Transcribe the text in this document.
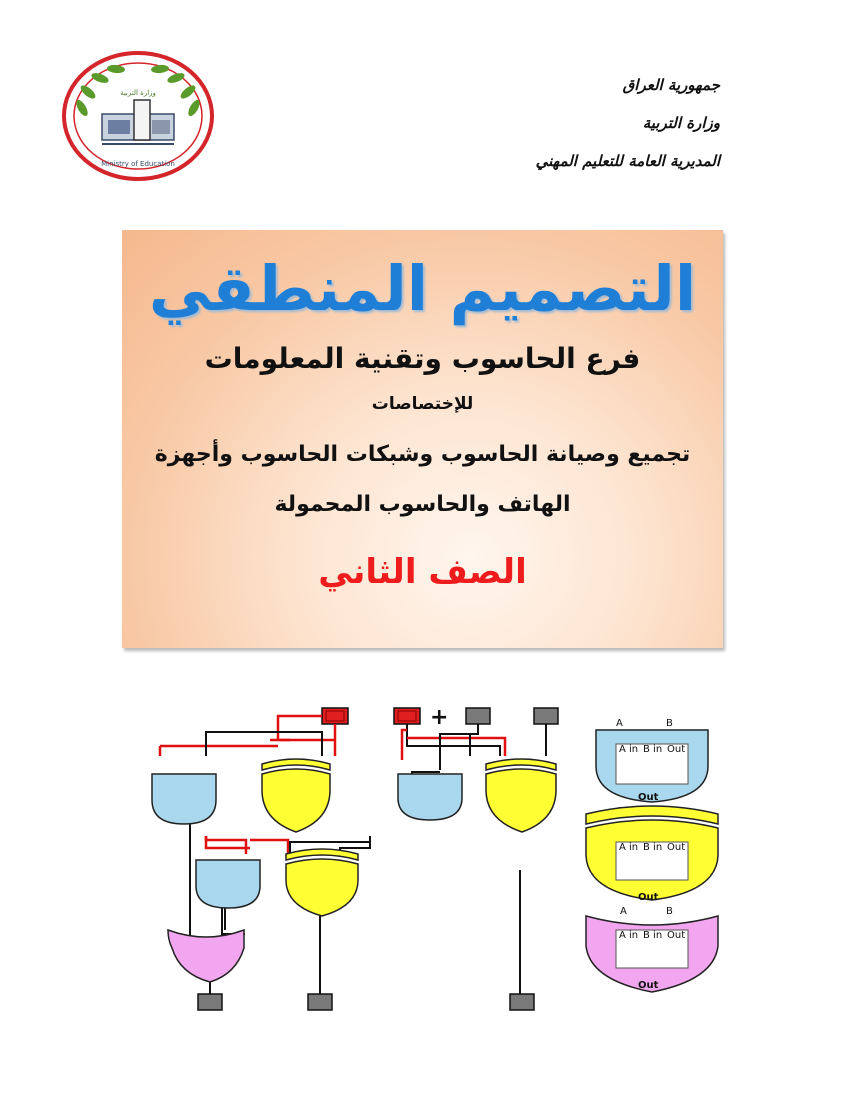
جمهورية العراق
وزارة التربية
المديرية العامة للتعليم المهني
Ministry of Education
وزارة التربية
التصميم المنطقي
فرع الحاسوب وتقنية المعلومات
للإختصاصات
تجميع وصيانة الحاسوب وشبكات الحاسوب وأجهزة
الهاتف والحاسوب المحمولة
الصف الثاني
+	A	B
A in B in Out
Out
A in B in Out
Out
A	B
A in B in Out
Out
